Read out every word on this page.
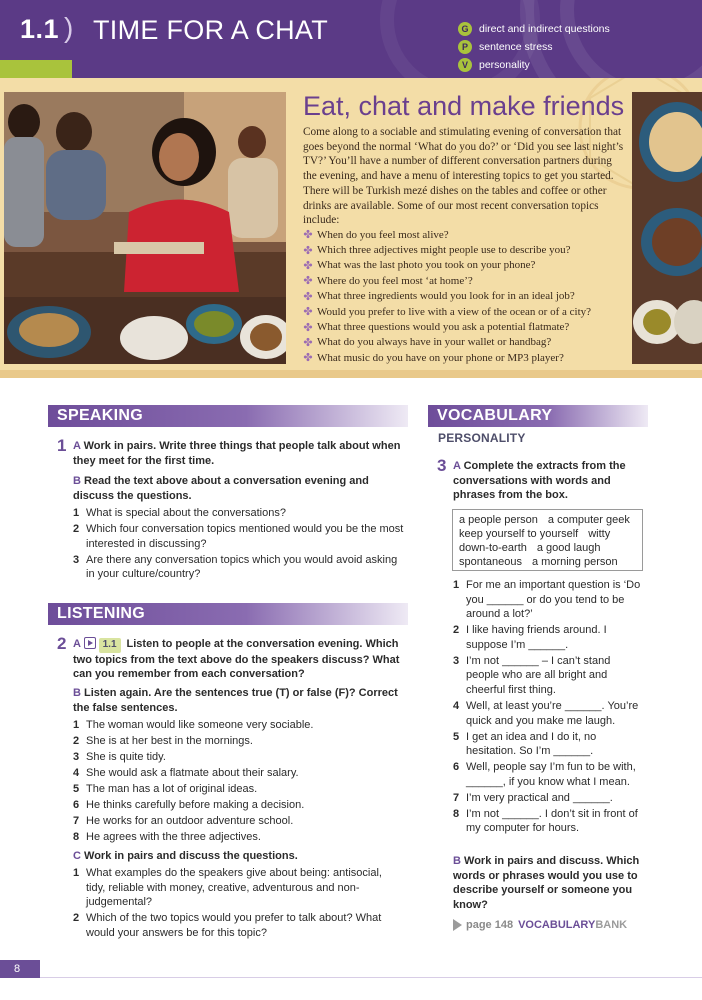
1.1 ) TIME FOR A CHAT	G	direct and indirect questions
P	sentence stress
V	personality
Eat, chat and make friends
Come along to a sociable and stimulating evening of conversation that goes beyond the normal ‘What do you do?’ or ‘Did you see last night’s TV?’ You’ll have a number of different conversation partners during the evening, and have a menu of interesting topics to get you started. There will be Turkish mezé dishes on the tables and coffee or other drinks are available. Some of our most recent conversation topics include:
✤ When do you feel most alive?
✤ Which three adjectives might people use to describe you?
✤ What was the last photo you took on your phone?
✤ Where do you feel most ‘at home’?
✤ What three ingredients would you look for in an ideal job?
✤ Would you prefer to live with a view of the ocean or of a city?
✤ What three questions would you ask a potential flatmate?
✤ What do you always have in your wallet or handbag?
✤ What music do you have on your phone or MP3 player?
SPEAKING
1 A Work in pairs. Write three things that people talk about when they meet for the first time.
B Read the text above about a conversation evening and discuss the questions.
1 What is special about the conversations?
2 Which four conversation topics mentioned would you be the most interested in discussing?
3 Are there any conversation topics which you would avoid asking in your culture/country?
LISTENING
2 A 1.1 Listen to people at the conversation evening. Which two topics from the text above do the speakers discuss? What can you remember from each conversation?
B Listen again. Are the sentences true (T) or false (F)? Correct the false sentences.
1 The woman would like someone very sociable.
2 She is at her best in the mornings.
3 She is quite tidy.
4 She would ask a flatmate about their salary.
5 The man has a lot of original ideas.
6 He thinks carefully before making a decision.
7 He works for an outdoor adventure school.
8 He agrees with the three adjectives.
C Work in pairs and discuss the questions.
1 What examples do the speakers give about being: antisocial, tidy, reliable with money, creative, adventurous and non-judgemental?
2 Which of the two topics would you prefer to talk about? What would your answers be for this topic?
VOCABULARY
PERSONALITY
3 A Complete the extracts from the conversations with words and phrases from the box.
a people person a computer geek
keep yourself to yourself witty
down-to-earth a good laugh
spontaneous a morning person
1 For me an important question is ‘Do you ______ or do you tend to be around a lot?’
2 I like having friends around. I suppose I’m ______.
3 I’m not ______ – I can’t stand people who are all bright and cheerful first thing.
4 Well, at least you’re ______. You’re quick and you make me laugh.
5 I get an idea and I do it, no hesitation. So I’m ______.
6 Well, people say I’m fun to be with, ______, if you know what I mean.
7 I’m very practical and ______.
8 I’m not ______. I don’t sit in front of my computer for hours.
B Work in pairs and discuss. Which words or phrases would you use to describe yourself or someone you know?
page 148 VOCABULARY BANK
8
